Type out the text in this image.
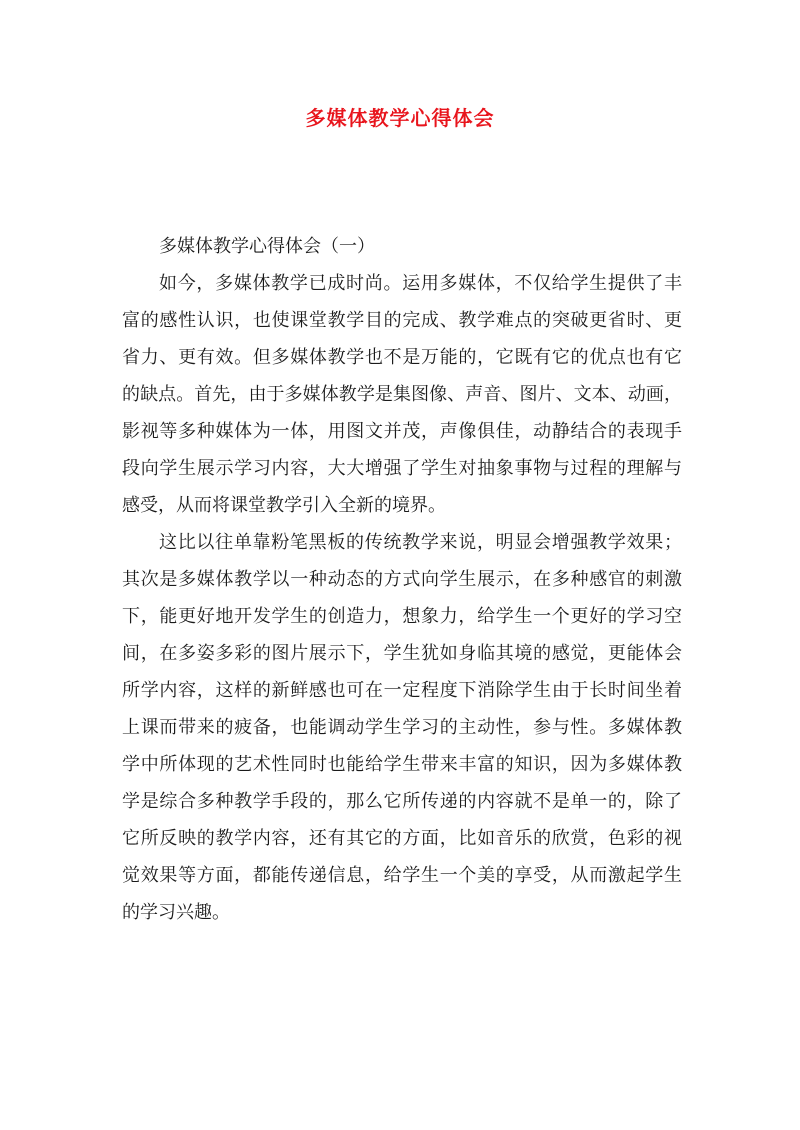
多媒体教学心得体会

多媒体教学心得体会（一）

如今，多媒体教学已成时尚。运用多媒体，不仅给学生提供了丰
富的感性认识，也使课堂教学目的完成、教学难点的突破更省时、更
省力、更有效。但多媒体教学也不是万能的，它既有它的优点也有它
的缺点。首先，由于多媒体教学是集图像、声音、图片、文本、动画，
影视等多种媒体为一体，用图文并茂，声像俱佳，动静结合的表现手
段向学生展示学习内容，大大增强了学生对抽象事物与过程的理解与
感受，从而将课堂教学引入全新的境界。

这比以往单靠粉笔黑板的传统教学来说，明显会增强教学效果；
其次是多媒体教学以一种动态的方式向学生展示，在多种感官的刺激
下，能更好地开发学生的创造力，想象力，给学生一个更好的学习空
间，在多姿多彩的图片展示下，学生犹如身临其境的感觉，更能体会
所学内容，这样的新鲜感也可在一定程度下消除学生由于长时间坐着
上课而带来的疲备，也能调动学生学习的主动性，参与性。多媒体教
学中所体现的艺术性同时也能给学生带来丰富的知识，因为多媒体教
学是综合多种教学手段的，那么它所传递的内容就不是单一的，除了
它所反映的教学内容，还有其它的方面，比如音乐的欣赏，色彩的视
觉效果等方面，都能传递信息，给学生一个美的享受，从而激起学生
的学习兴趣。
